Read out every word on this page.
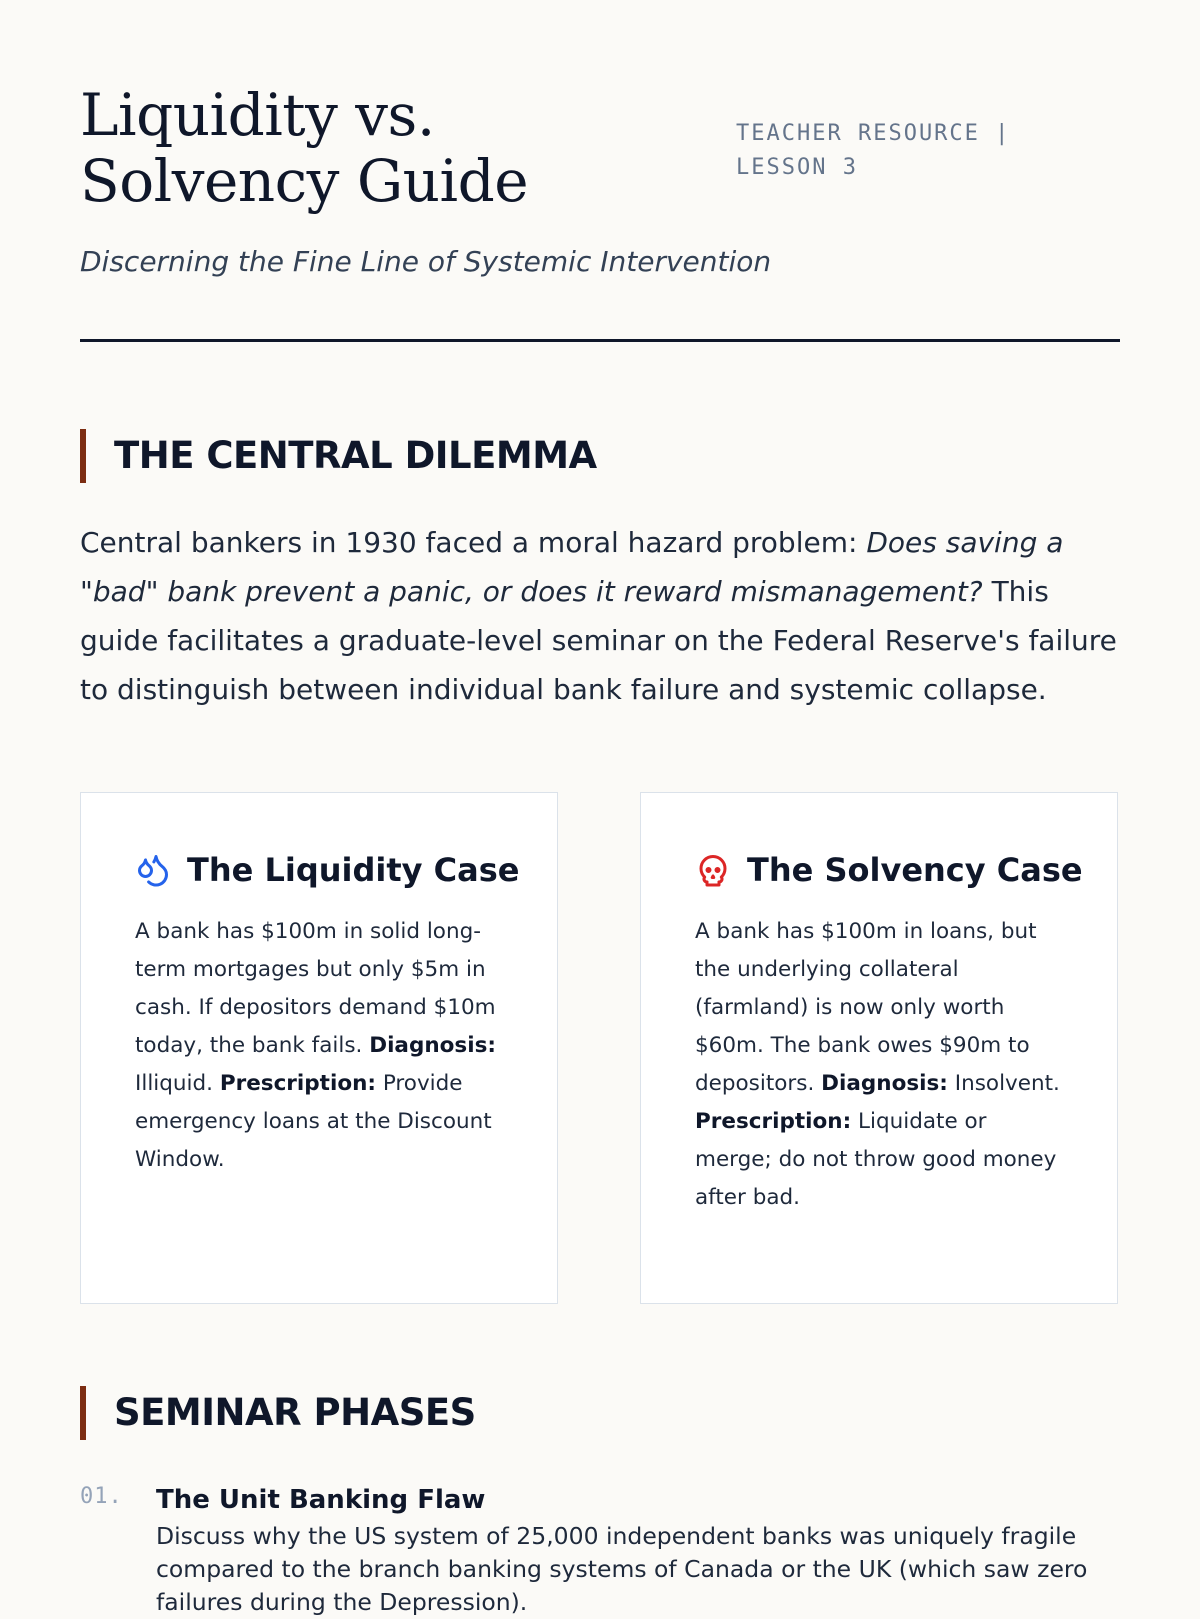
Liquidity vs. Solvency Guide
TEACHER RESOURCE | LESSON 3
Discerning the Fine Line of Systemic Intervention
THE CENTRAL DILEMMA

Central bankers in 1930 faced a moral hazard problem: Does saving a "bad" bank prevent a panic, or does it reward mismanagement? This guide facilitates a graduate-level seminar on the Federal Reserve's failure to distinguish between individual bank failure and systemic collapse.

The Liquidity Case
A bank has $100m in solid long-term mortgages but only $5m in cash. If depositors demand $10m today, the bank fails. Diagnosis: Illiquid. Prescription: Provide emergency loans at the Discount Window.
The Solvency Case
A bank has $100m in loans, but the underlying collateral (farmland) is now only worth $60m. The bank owes $90m to depositors. Diagnosis: Insolvent. Prescription: Liquidate or merge; do not throw good money after bad.
SEMINAR PHASES
01. The Unit Banking Flaw

Discuss why the US system of 25,000 independent banks was uniquely fragile compared to the branch banking systems of Canada or the UK (which saw zero failures during the Depression).
